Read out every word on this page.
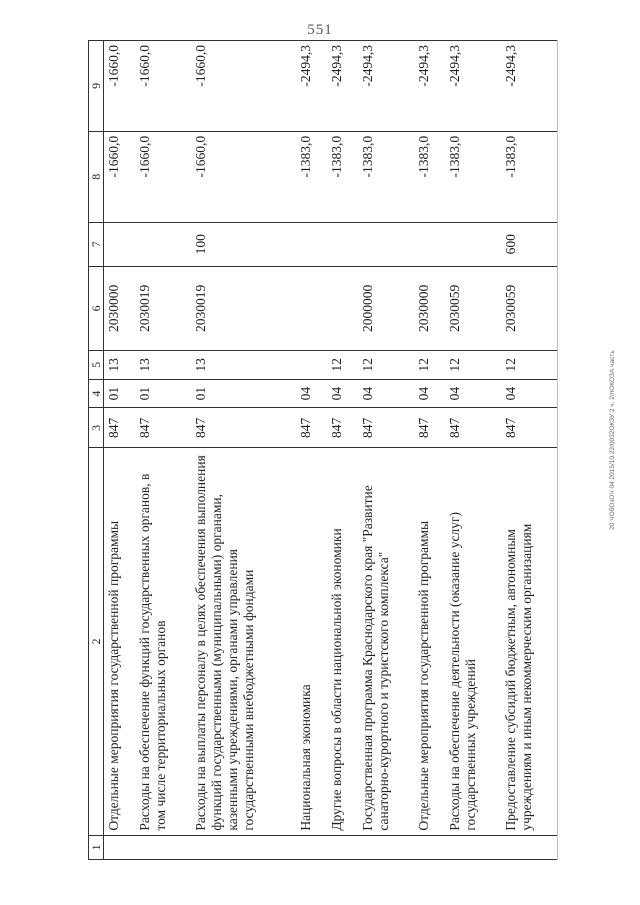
551
20 ЧОбОзОЧ 04 2015/10.22/0032ОКЗУ 2 ч. 2/пОКОЗА часть
1	2	3	4	5	6	7	8	9
	Отдельные мероприятия государственной программы	847	01	13	2030000		-1660,0	-1660,0
	Расходы на обеспечение функций государственных органов, в том числе территориальных органов	847	01	13	2030019		-1660,0	-1660,0
	Расходы на выплаты персоналу в целях обеспечения выполнения функций государственными (муниципальными) органами, казенными учреждениями, органами управления государственными внебюджетными фондами	847	01	13	2030019	100	-1660,0	-1660,0
	Национальная экономика	847	04				-1383,0	-2494,3
	Другие вопросы в области национальной экономики	847	04	12			-1383,0	-2494,3
	Государственная программа Краснодарского края "Развитие санаторно-курортного и туристского комплекса"	847	04	12	2000000		-1383,0	-2494,3
	Отдельные мероприятия государственной программы	847	04	12	2030000		-1383,0	-2494,3
	Расходы на обеспечение деятельности (оказание услуг) государственных учреждений	847	04	12	2030059		-1383,0	-2494,3
	Предоставление субсидий бюджетным, автономным учреждениям и иным некоммерческим организациям	847	04	12	2030059	600	-1383,0	-2494,3
